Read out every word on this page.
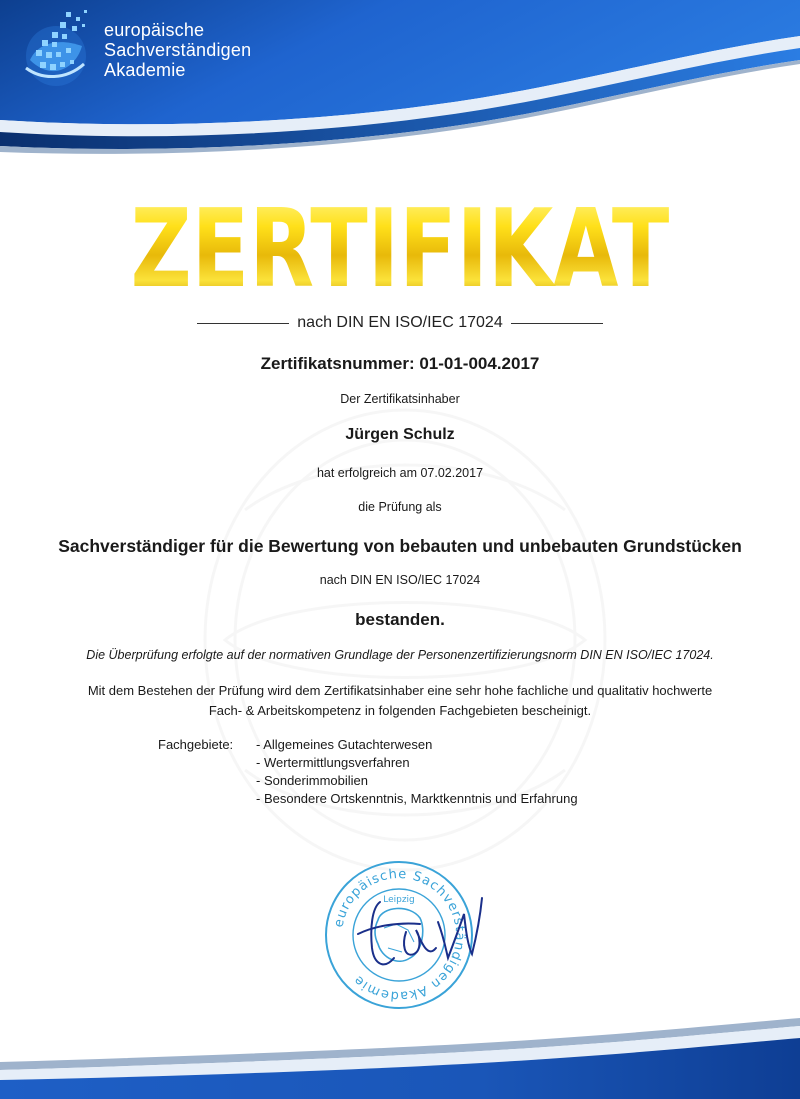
europäische
Sachverständigen
Akademie
ZERTIFIKAT
nach DIN EN ISO/IEC 17024
Zertifikatsnummer: 01-01-004.2017
Der Zertifikatsinhaber
Jürgen Schulz
hat erfolgreich am 07.02.2017
die Prüfung als
Sachverständiger für die Bewertung von bebauten und unbebauten Grundstücken
nach DIN EN ISO/IEC 17024
bestanden.
Die Überprüfung erfolgte auf der normativen Grundlage der Personenzertifizierungsnorm DIN EN ISO/IEC 17024.
Mit dem Bestehen der Prüfung wird dem Zertifikatsinhaber eine sehr hohe fachliche und qualitativ hochwerte
Fach- & Arbeitskompetenz in folgenden Fachgebieten bescheinigt.
Fachgebiete: - Allgemeines Gutachterwesen
- Wertermittlungsverfahren
- Sonderimmobilien
- Besondere Ortskenntnis, Marktkenntnis und Erfahrung
europäische Sachverständigen Akademie
Leipzig
